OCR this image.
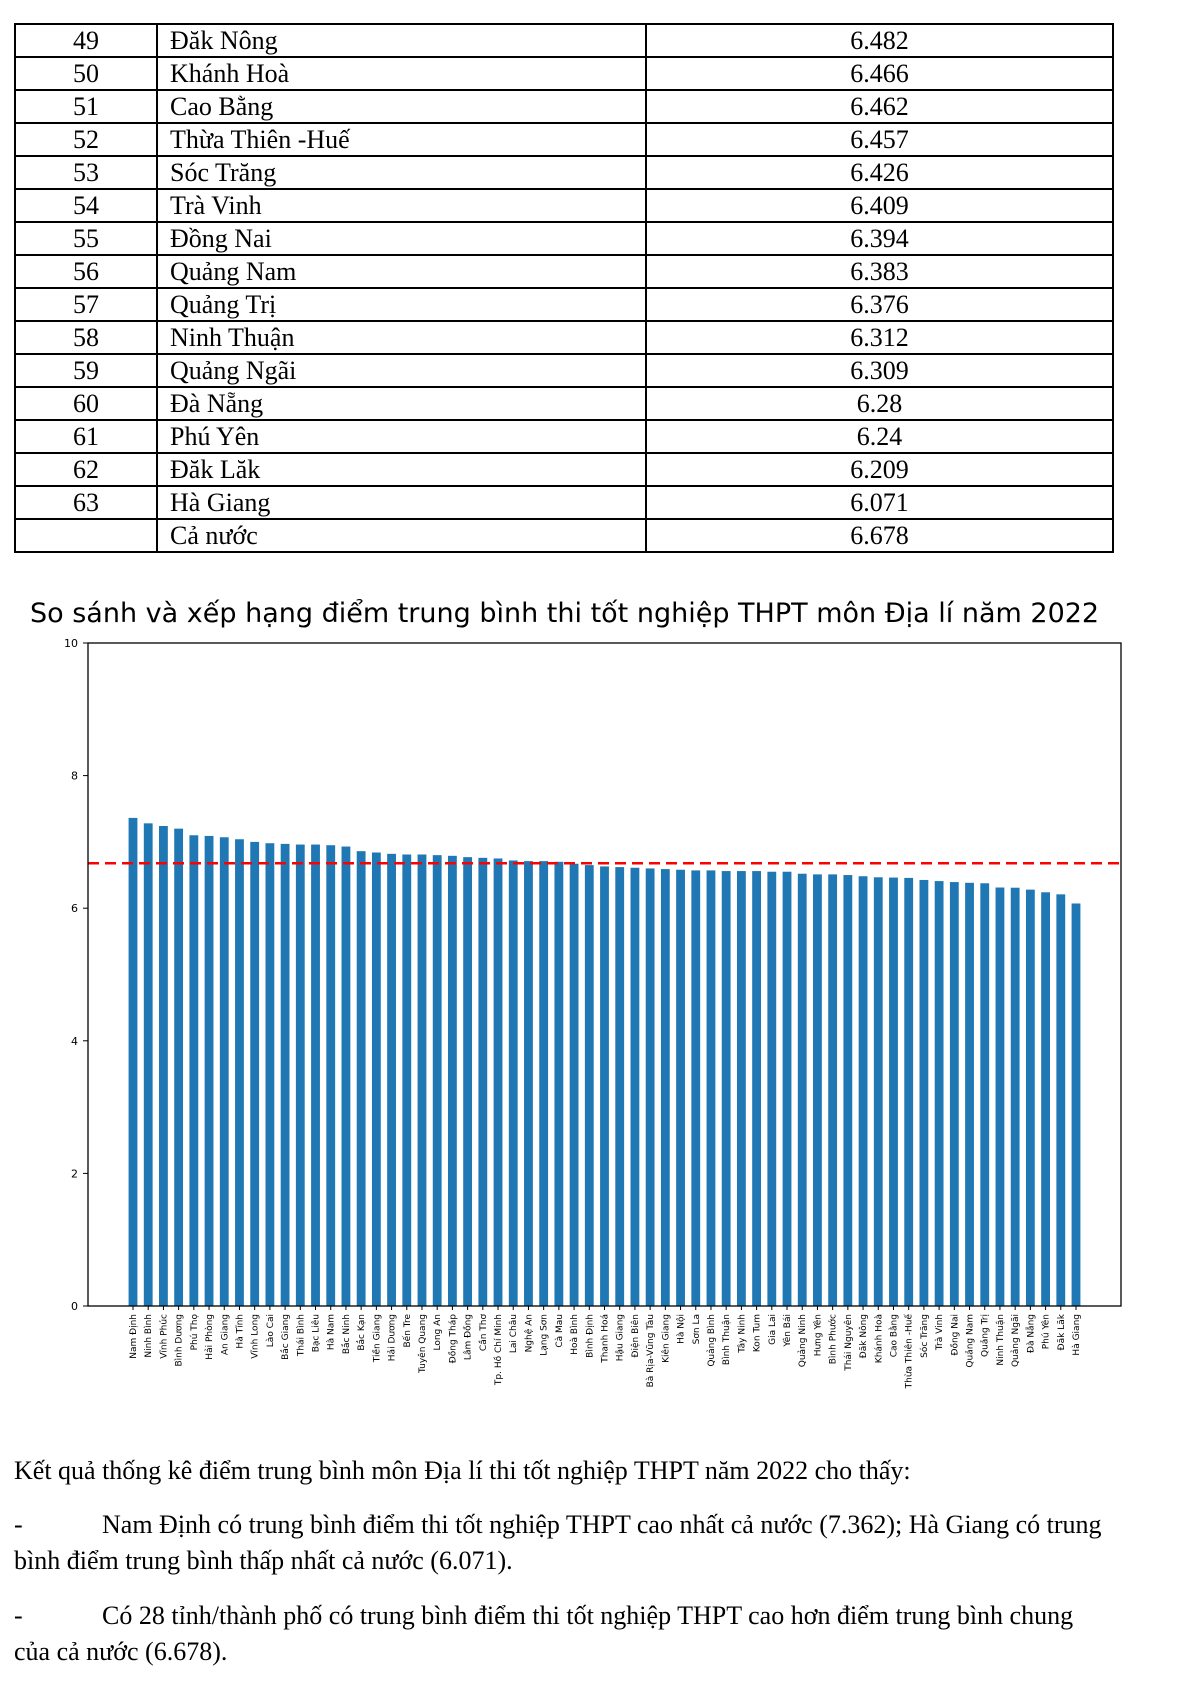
49	Đăk Nông	6.482
50	Khánh Hoà	6.466
51	Cao Bằng	6.462
52	Thừa Thiên -Huế	6.457
53	Sóc Trăng	6.426
54	Trà Vinh	6.409
55	Đồng Nai	6.394
56	Quảng Nam	6.383
57	Quảng Trị	6.376
58	Ninh Thuận	6.312
59	Quảng Ngãi	6.309
60	Đà Nẵng	6.28
61	Phú Yên	6.24
62	Đăk Lăk	6.209
63	Hà Giang	6.071
	Cả nước	6.678
So sánh và xếp hạng điểm trung bình thi tốt nghiệp THPT môn Địa lí năm 2022
0
2
4
6
8
10
Nam Định Ninh Bình Vĩnh Phúc Bình Dương Phú Thọ Hải Phòng An Giang Hà Tĩnh Vĩnh Long Lào Cai Bắc Giang Thái Bình Bạc Liêu Hà Nam Bắc Ninh Bắc Kạn Tiền Giang Hải Dương Bến Tre Tuyên Quang Long An Đồng Tháp Lâm Đồng Cần Thơ Tp. Hồ Chí Minh Lai Châu Nghệ An Lạng Sơn Cà Mau Hoà Bình Bình Định Thanh Hoá Hậu Giang Điện Biên Bà Rịa-Vũng Tàu Kiên Giang Hà Nội Sơn La Quảng Bình Bình Thuận Tây Ninh Kon Tum Gia Lai Yên Bái Quảng Ninh Hưng Yên Bình Phước Thái Nguyên Đăk Nông Khánh Hoà Cao Bằng Thừa Thiên -Huế Sóc Trăng Trà Vinh Đồng Nai Quảng Nam Quảng Trị Ninh Thuận Quảng Ngãi Đà Nẵng Phú Yên Đăk Lăk Hà Giang

Kết quả thống kê điểm trung bình môn Địa lí thi tốt nghiệp THPT năm 2022 cho thấy:

-	Nam Định có trung bình điểm thi tốt nghiệp THPT cao nhất cả nước (7.362); Hà Giang có trung bình điểm trung bình thấp nhất cả nước (6.071).

-	Có 28 tỉnh/thành phố có trung bình điểm thi tốt nghiệp THPT cao hơn điểm trung bình chung của cả nước (6.678).
